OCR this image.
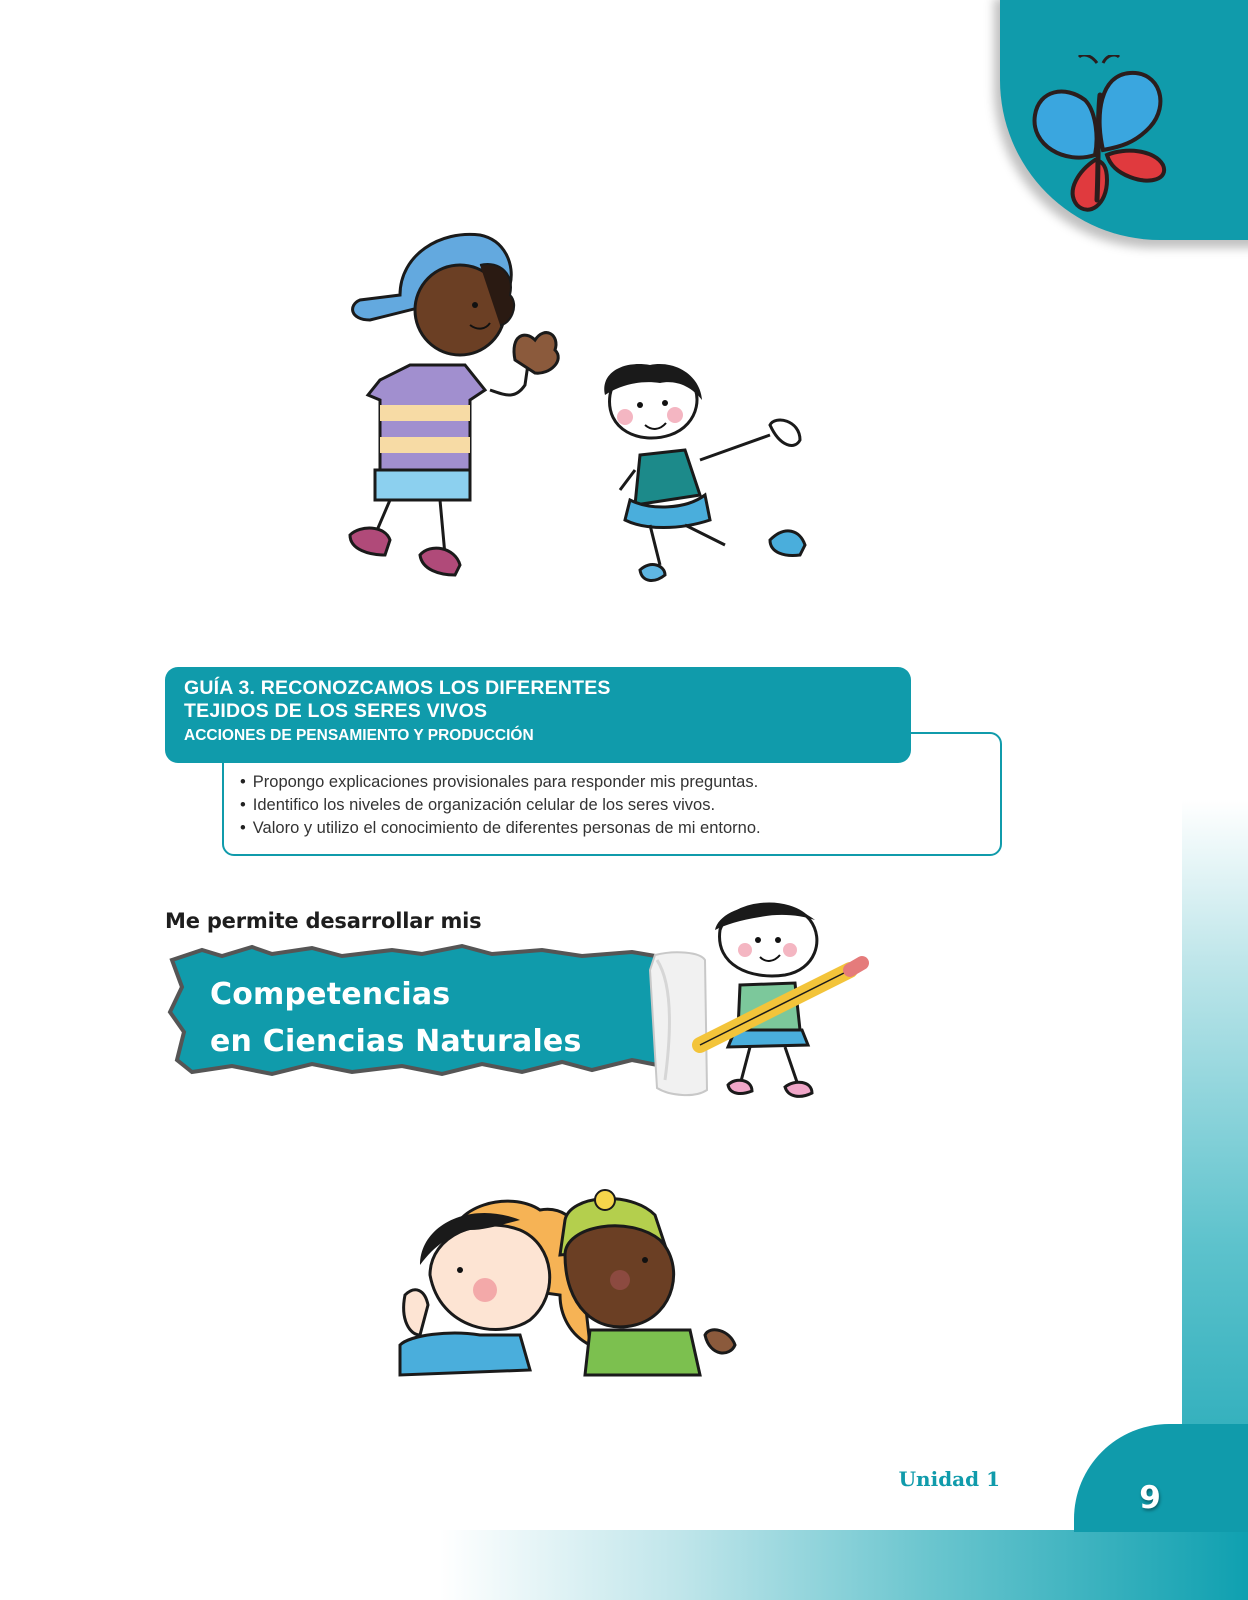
GUÍA 3. RECONOZCAMOS LOS DIFERENTES
TEJIDOS DE LOS SERES VIVOS
ACCIONES DE PENSAMIENTO Y PRODUCCIÓN
• Propongo explicaciones provisionales para responder mis preguntas.
• Identifico los niveles de organización celular de los seres vivos.
• Valoro y utilizo el conocimiento de diferentes personas de mi entorno.
Me permite desarrollar mis
Competencias
en Ciencias Naturales
Unidad 1
9
